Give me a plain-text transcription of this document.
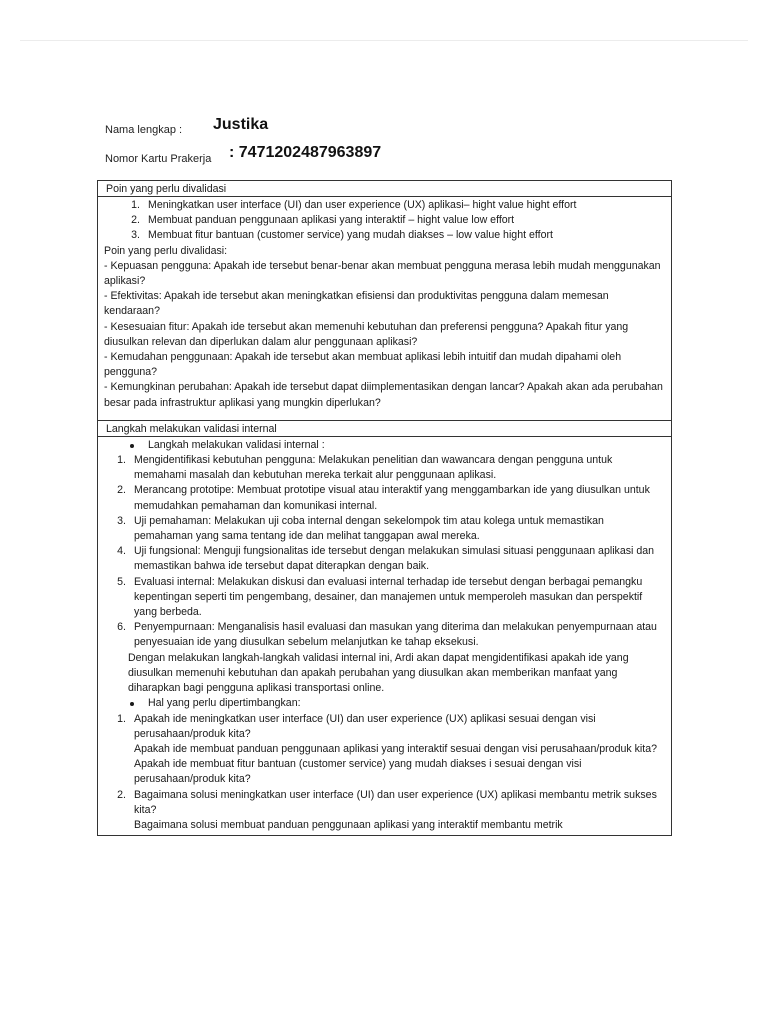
Nama lengkap : Justika
Nomor Kartu Prakerja : 7471202487963897
Poin yang perlu divalidasi
1. Meningkatkan user interface (UI) dan user experience (UX) aplikasi– hight value hight effort
2. Membuat panduan penggunaan aplikasi yang interaktif – hight value low effort
3. Membuat fitur bantuan (customer service) yang mudah diakses – low value hight effort
Poin yang perlu divalidasi:
- Kepuasan pengguna: Apakah ide tersebut benar-benar akan membuat pengguna merasa lebih mudah menggunakan aplikasi?
- Efektivitas: Apakah ide tersebut akan meningkatkan efisiensi dan produktivitas pengguna dalam memesan kendaraan?
- Kesesuaian fitur: Apakah ide tersebut akan memenuhi kebutuhan dan preferensi pengguna? Apakah fitur yang diusulkan relevan dan diperlukan dalam alur penggunaan aplikasi?
- Kemudahan penggunaan: Apakah ide tersebut akan membuat aplikasi lebih intuitif dan mudah dipahami oleh pengguna?
- Kemungkinan perubahan: Apakah ide tersebut dapat diimplementasikan dengan lancar? Apakah akan ada perubahan besar pada infrastruktur aplikasi yang mungkin diperlukan?
Langkah melakukan validasi internal
Langkah melakukan validasi internal :
1. Mengidentifikasi kebutuhan pengguna: Melakukan penelitian dan wawancara dengan pengguna untuk memahami masalah dan kebutuhan mereka terkait alur penggunaan aplikasi.
2. Merancang prototipe: Membuat prototipe visual atau interaktif yang menggambarkan ide yang diusulkan untuk memudahkan pemahaman dan komunikasi internal.
3. Uji pemahaman: Melakukan uji coba internal dengan sekelompok tim atau kolega untuk memastikan pemahaman yang sama tentang ide dan melihat tanggapan awal mereka.
4. Uji fungsional: Menguji fungsionalitas ide tersebut dengan melakukan simulasi situasi penggunaan aplikasi dan memastikan bahwa ide tersebut dapat diterapkan dengan baik.
5. Evaluasi internal: Melakukan diskusi dan evaluasi internal terhadap ide tersebut dengan berbagai pemangku kepentingan seperti tim pengembang, desainer, dan manajemen untuk memperoleh masukan dan perspektif yang berbeda.
6. Penyempurnaan: Menganalisis hasil evaluasi dan masukan yang diterima dan melakukan penyempurnaan atau penyesuaian ide yang diusulkan sebelum melanjutkan ke tahap eksekusi.
Dengan melakukan langkah-langkah validasi internal ini, Ardi akan dapat mengidentifikasi apakah ide yang diusulkan memenuhi kebutuhan dan apakah perubahan yang diusulkan akan memberikan manfaat yang diharapkan bagi pengguna aplikasi transportasi online.
Hal yang perlu dipertimbangkan:
1. Apakah ide meningkatkan user interface (UI) dan user experience (UX) aplikasi sesuai dengan visi perusahaan/produk kita?
Apakah ide membuat panduan penggunaan aplikasi yang interaktif sesuai dengan visi perusahaan/produk kita?
Apakah ide membuat fitur bantuan (customer service) yang mudah diakses i sesuai dengan visi perusahaan/produk kita?
2. Bagaimana solusi meningkatkan user interface (UI) dan user experience (UX) aplikasi membantu metrik sukses kita?
Bagaimana solusi membuat panduan penggunaan aplikasi yang interaktif membantu metrik
